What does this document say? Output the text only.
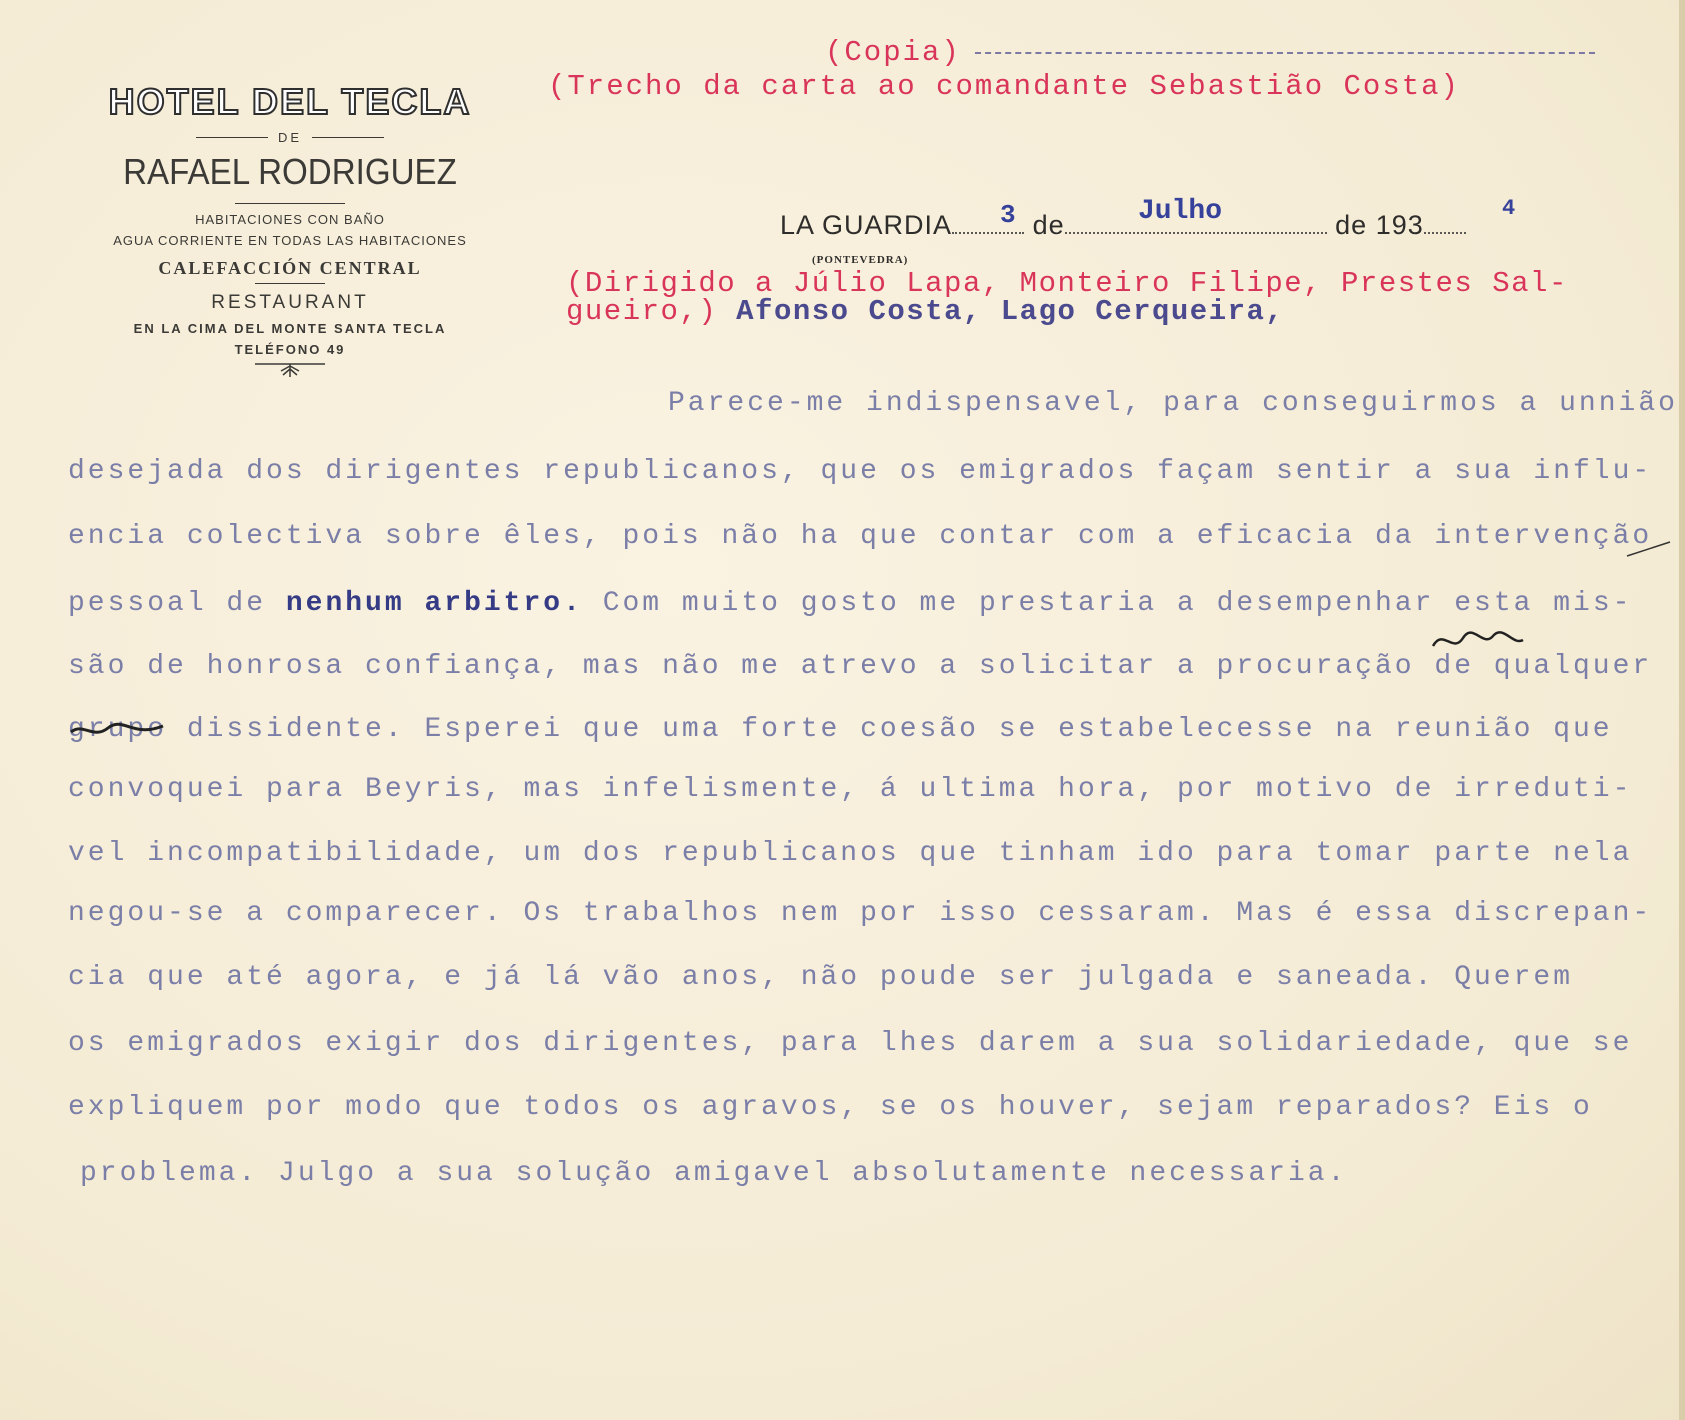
HOTEL DEL TECLA
DE
RAFAEL RODRIGUEZ
HABITACIONES CON BAÑO
AGUA CORRIENTE EN TODAS LAS HABITACIONES
CALEFACCIÓN CENTRAL
RESTAURANT
EN LA CIMA DEL MONTE SANTA TECLA
TELÉFONO 49
(Copia)
(Trecho da carta ao comandante Sebastião Costa)
LA GUARDIA	de	de 193
3	Julho	4
(PONTEVEDRA)
(Dirigido a Júlio Lapa, Monteiro Filipe, Prestes Sal-
gueiro,) Afonso Costa, Lago Cerqueira,
Parece-me indispensavel, para conseguirmos a unnião
desejada dos dirigentes republicanos, que os emigrados façam sentir a sua influ-
encia colectiva sobre êles, pois não ha que contar com a eficacia da intervenção
pessoal de nenhum arbitro. Com muito gosto me prestaria a desempenhar esta mis-
são de honrosa confiança, mas não me atrevo a solicitar a procuração de qualquer
grupo dissidente. Esperei que uma forte coesão se estabelecesse na reunião que
convoquei para Beyris, mas infelismente, á ultima hora, por motivo de irreduti-
vel incompatibilidade, um dos republicanos que tinham ido para tomar parte nela
negou-se a comparecer. Os trabalhos nem por isso cessaram. Mas é essa discrepan-
cia que até agora, e já lá vão anos, não poude ser julgada e saneada. Querem
os emigrados exigir dos dirigentes, para lhes darem a sua solidariedade, que se
expliquem por modo que todos os agravos, se os houver, sejam reparados? Eis o
problema. Julgo a sua solução amigavel absolutamente necessaria.
